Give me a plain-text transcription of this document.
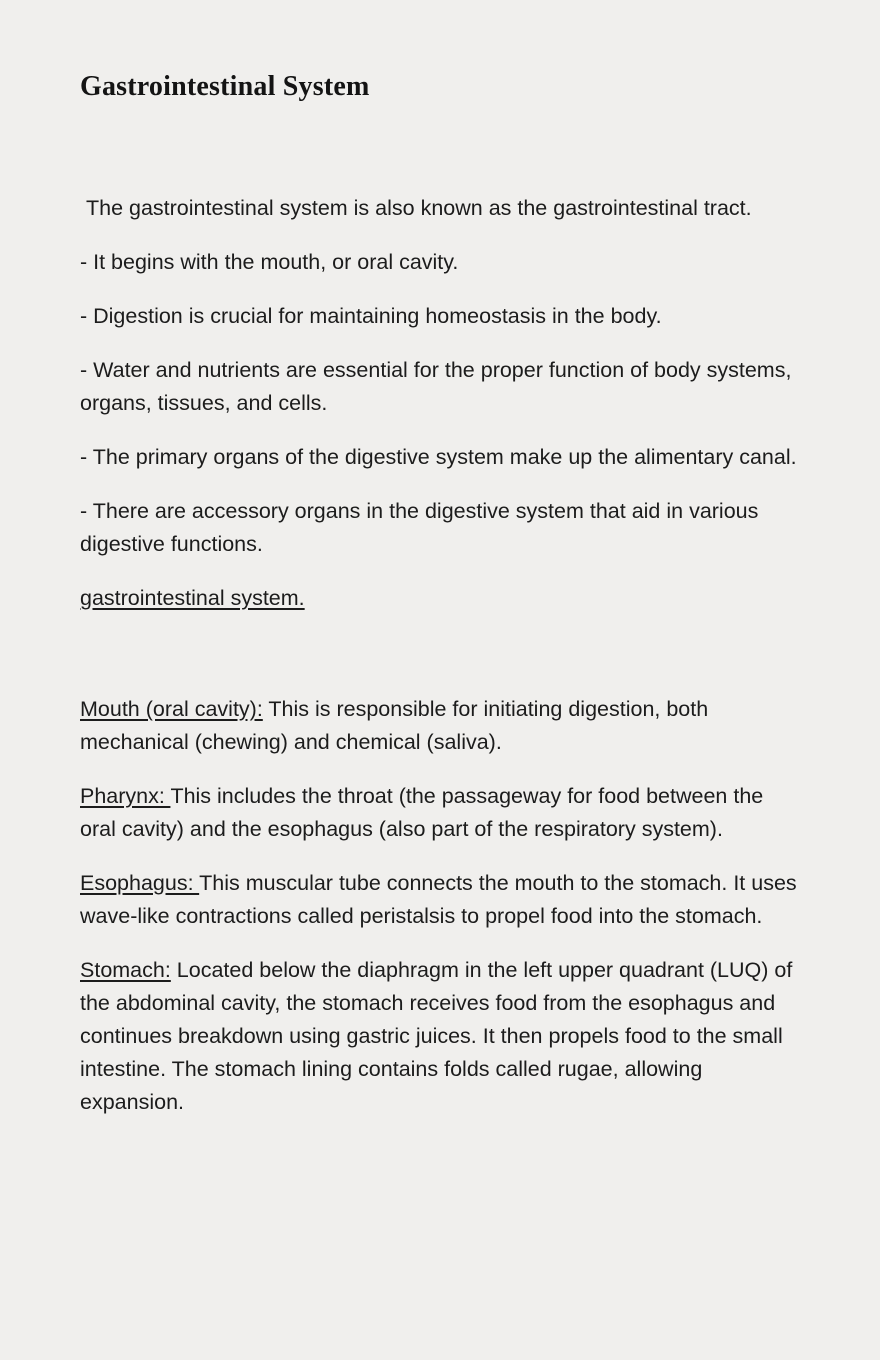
Gastrointestinal System

The gastrointestinal system is also known as the gastrointestinal tract.

- It begins with the mouth, or oral cavity.

- Digestion is crucial for maintaining homeostasis in the body.

- Water and nutrients are essential for the proper function of body systems, organs, tissues, and cells.

- The primary organs of the digestive system make up the alimentary canal.

- There are accessory organs in the digestive system that aid in various digestive functions.

gastrointestinal system.

Mouth (oral cavity): This is responsible for initiating digestion, both mechanical (chewing) and chemical (saliva).

Pharynx: This includes the throat (the passageway for food between the oral cavity) and the esophagus (also part of the respiratory system).

Esophagus: This muscular tube connects the mouth to the stomach. It uses wave-like contractions called peristalsis to propel food into the stomach.

Stomach: Located below the diaphragm in the left upper quadrant (LUQ) of the abdominal cavity, the stomach receives food from the esophagus and continues breakdown using gastric juices. It then propels food to the small intestine. The stomach lining contains folds called rugae, allowing expansion.
